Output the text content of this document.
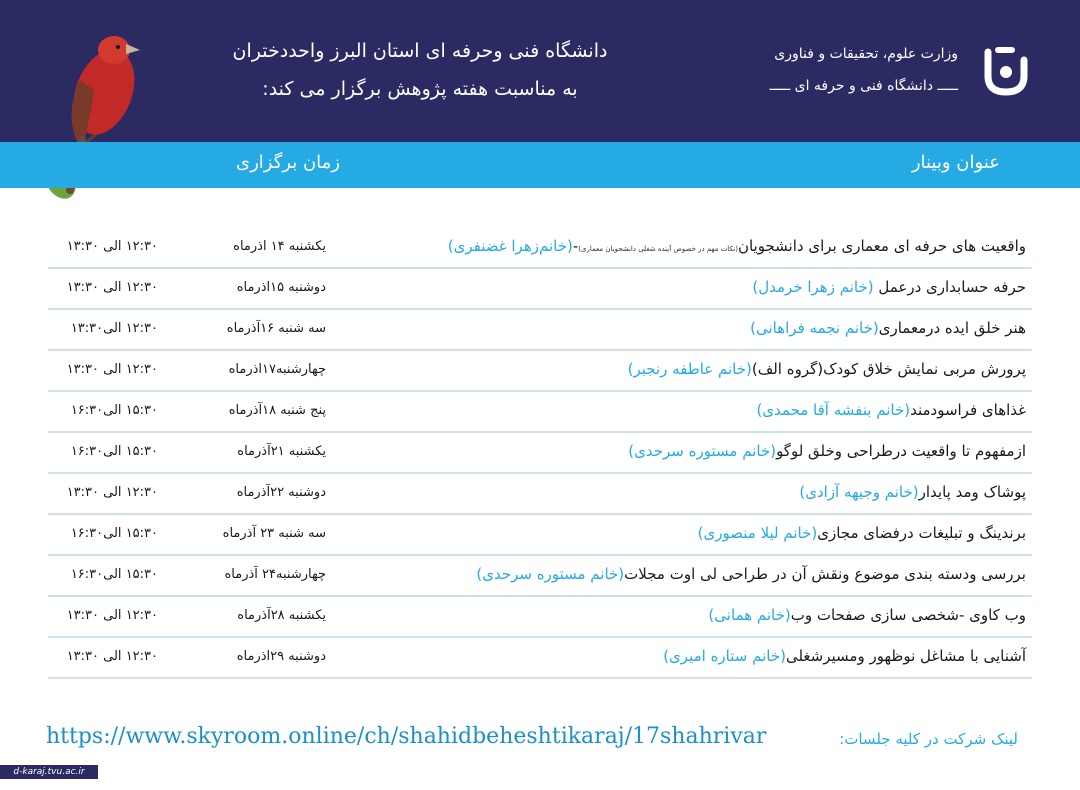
دانشگاه فنی وحرفه ای استان البرز واحددختران
به مناسبت هفته پژوهش برگزار می کند:
وزارت علوم، تحقیقات و فناوری
ـــــ دانشگاه فنی و حرفه ای ـــــ
عنوان وبینار
زمان برگزاری
واقعیت های حرفه ای معماری برای دانشجویان(نکات مهم در خصوص آینده شغلی دانشجویان معماری)-(خانم‌زهرا غضنفری)
یکشنبه ۱۴ اذرماه
۱۲:۳۰ الی ۱۳:۳۰
حرفه حسابداری درعمل (خانم زهرا خرمدل)
دوشنبه ۱۵اذرماه
۱۲:۳۰ الی ۱۳:۳۰
هنر خلق ایده درمعماری(خانم نجمه فراهانی)
سه شنبه ۱۶آذرماه
۱۲:۳۰ الی۱۳:۳۰
پرورش مربی نمایش خلاق کودک(گروه الف)(خانم عاطفه رنجبر)
چهارشنبه۱۷اذرماه
۱۲:۳۰ الی ۱۳:۳۰
غذاهای فراسودمند(خانم بنفشه آقا محمدی)
پنج شنبه ۱۸آذرماه
۱۵:۳۰ الی۱۶:۳۰
ازمفهوم تا واقعیت درطراحی وخلق لوگو(خانم مستوره سرحدی)
یکشنبه ۲۱آذرماه
۱۵:۳۰ الی۱۶:۳۰
پوشاک ومد پایدار(خانم وجیهه آزادی)
دوشنبه ۲۲آذرماه
۱۲:۳۰ الی ۱۳:۳۰
برندینگ و تبلیغات درفضای مجازی(خانم لیلا منصوری)
سه شنبه ۲۳ آذرماه
۱۵:۳۰ الی۱۶:۳۰
بررسی ودسته بندی موضوع ونقش آن در طراحی لی اوت مجلات(خانم مستوره سرحدی)
چهارشنبه۲۴ آذرماه
۱۵:۳۰ الی۱۶:۳۰
وب کاوی -شخصی سازی صفحات وب(خانم همانی)
یکشنبه ۲۸آذرماه
۱۲:۳۰ الی ۱۳:۳۰
آشنایی با مشاغل نوظهور ومسیرشغلی(خانم ستاره امیری)
دوشنبه ۲۹اذرماه
۱۲:۳۰ الی ۱۳:۳۰
لینک شرکت در کلیه جلسات:
https://www.skyroom.online/ch/shahidbeheshtikaraj/17shahrivar
d-karaj.tvu.ac.ir
